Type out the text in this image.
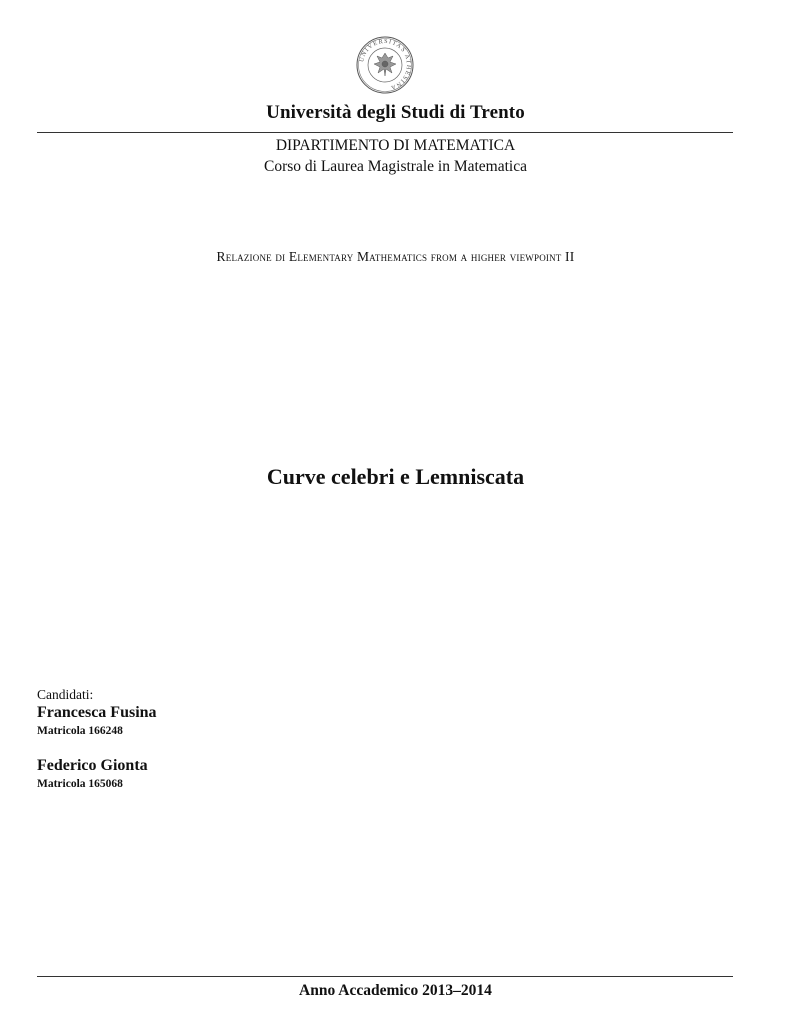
UNIVERSITAS ATHESINA
Università degli Studi di Trento
DIPARTIMENTO DI MATEMATICA
Corso di Laurea Magistrale in Matematica
Relazione di Elementary Mathematics from a higher viewpoint II
Curve celebri e Lemniscata
Candidati:
Francesca Fusina
Matricola 166248
Federico Gionta
Matricola 165068
Anno Accademico 2013–2014
